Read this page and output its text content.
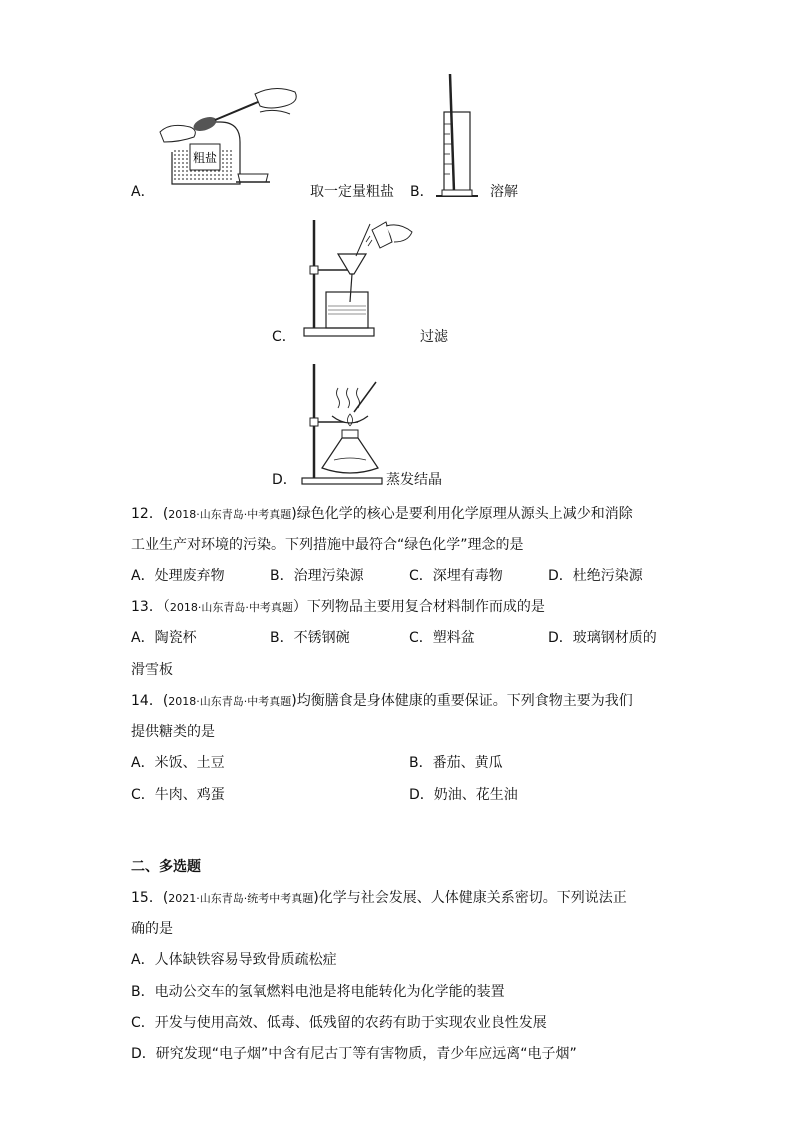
A．
粗盐
取一定量粗盐 B．	溶解
C．	过滤
D．	蒸发结晶
12．(2018·山东青岛·中考真题)绿色化学的核心是要利用化学原理从源头上减少和消除
工业生产对环境的污染。下列措施中最符合“绿色化学”理念的是
A．处理废弃物	B．治理污染源	C．深埋有毒物	D．杜绝污染源
13．（2018·山东青岛·中考真题）下列物品主要用复合材料制作而成的是
A．陶瓷杯	B．不锈钢碗	C．塑料盆	D．玻璃钢材质的
滑雪板
14．(2018·山东青岛·中考真题)均衡膳食是身体健康的重要保证。下列食物主要为我们
提供糖类的是
A．米饭、土豆	B．番茄、黄瓜
C．牛肉、鸡蛋	D．奶油、花生油
二、多选题
15．(2021·山东青岛·统考中考真题)化学与社会发展、人体健康关系密切。下列说法正
确的是
A．人体缺铁容易导致骨质疏松症
B．电动公交车的氢氧燃料电池是将电能转化为化学能的装置
C．开发与使用高效、低毒、低残留的农药有助于实现农业良性发展
D．研究发现“电子烟”中含有尼古丁等有害物质，青少年应远离“电子烟”
